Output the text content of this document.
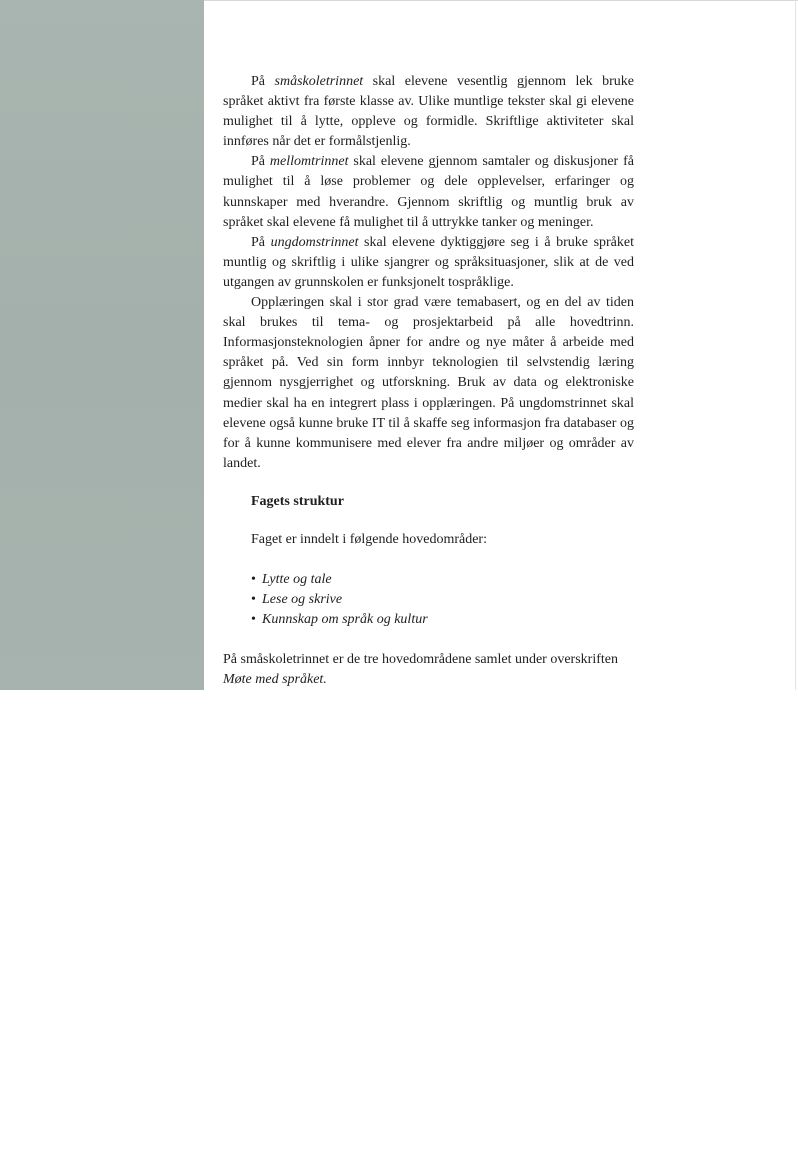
På småskoletrinnet skal elevene vesentlig gjennom lek bruke språket aktivt fra første klasse av. Ulike muntlige tekster skal gi elevene mulighet til å lytte, oppleve og formidle. Skriftlige aktiviteter skal innføres når det er formålstjenlig.

På mellomtrinnet skal elevene gjennom samtaler og diskusjoner få mulighet til å løse problemer og dele opplevelser, erfaringer og kunnskaper med hverandre. Gjennom skriftlig og muntlig bruk av språket skal elevene få mulighet til å uttrykke tanker og meninger.

På ungdomstrinnet skal elevene dyktiggjøre seg i å bruke språket muntlig og skriftlig i ulike sjangrer og språksituasjoner, slik at de ved utgangen av grunnskolen er funksjonelt tospråklige.

Opplæringen skal i stor grad være temabasert, og en del av tiden skal brukes til tema- og prosjektarbeid på alle hovedtrinn. Informasjonsteknologien åpner for andre og nye måter å arbeide med språket på. Ved sin form innbyr teknologien til selvstendig læring gjennom nysgjerrighet og utforskning. Bruk av data og elektroniske medier skal ha en integrert plass i opplæringen. På ungdomstrinnet skal elevene også kunne bruke IT til å skaffe seg informasjon fra databaser og for å kunne kommunisere med elever fra andre miljøer og områder av landet.

Fagets struktur
Faget er inndelt i følgende hovedområder:
• Lytte og tale
• Lese og skrive
• Kunnskap om språk og kultur

På småskoletrinnet er de tre hovedområdene samlet under overskriften Møte med språket.
